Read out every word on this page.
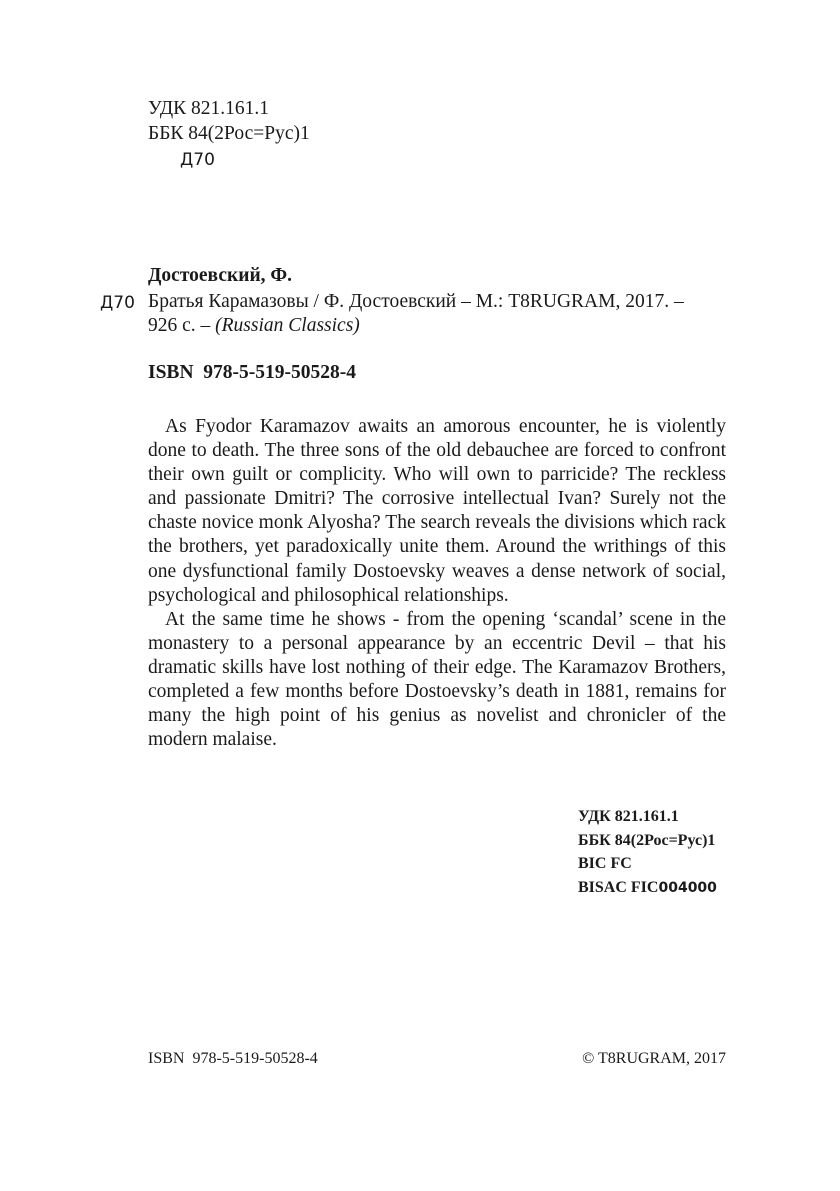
УДК 821.161.1
ББК 84(2Рос=Рус)1
Д70
Достоевский, Ф.
Д70 Братья Карамазовы / Ф. Достоевский – М.: T8RUGRAM, 2017. –
926 с. – (Russian Classics)
ISBN 978-5-519-50528-4

As Fyodor Karamazov awaits an amorous encounter, he is violently done to death. The three sons of the old debauchee are forced to confront their own guilt or complicity. Who will own to parricide? The reckless and passionate Dmitri? The corrosive intellectual Ivan? Surely not the chaste novice monk Alyosha? The search reveals the divisions which rack the brothers, yet paradoxically unite them. Around the writhings of this one dysfunctional family Dostoevsky weaves a dense network of social, psychological and philosophical relationships.

At the same time he shows - from the opening ‘scandal’ scene in the monastery to a personal appearance by an eccentric Devil – that his dramatic skills have lost nothing of their edge. The Karamazov Brothers, completed a few months before Dostoevsky’s death in 1881, remains for many the high point of his genius as novelist and chronicler of the modern malaise.

УДК 821.161.1
ББК 84(2Рос=Рус)1
BIC FC
BISAC FIC004000
ISBN 978-5-519-50528-4	© T8RUGRAM, 2017
